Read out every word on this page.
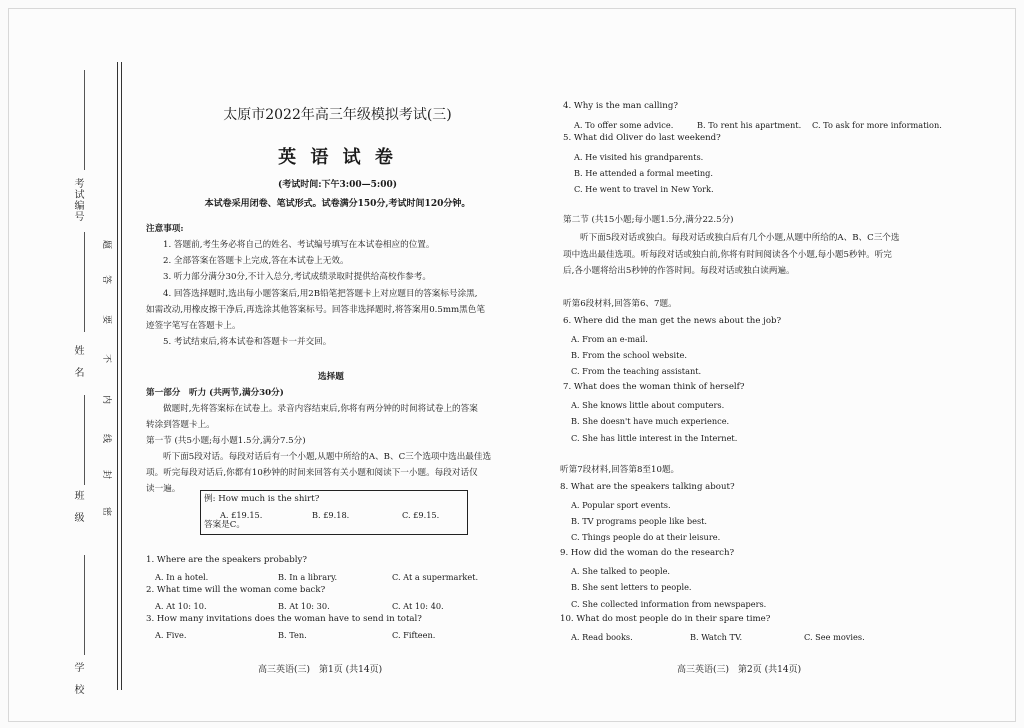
考试编号
姓　名
班　级
学　校
题
答
要
不
内
线
封
密
太原市2022年高三年级模拟考试(三)
英 语 试 卷
(考试时间:下午3:00—5:00)
本试卷采用闭卷、笔试形式。试卷满分150分,考试时间120分钟。
注意事项:
1. 答题前,考生务必将自己的姓名、考试编号填写在本试卷相应的位置。
2. 全部答案在答题卡上完成,答在本试卷上无效。
3. 听力部分满分30分,不计入总分,考试成绩录取时提供给高校作参考。
4. 回答选择题时,选出每小题答案后,用2B铅笔把答题卡上对应题目的答案标号涂黑,
如需改动,用橡皮擦干净后,再选涂其他答案标号。回答非选择题时,将答案用0.5mm黑色笔
迹签字笔写在答题卡上。
5. 考试结束后,将本试卷和答题卡一并交回。
选择题
第一部分　听力 (共两节,满分30分)
做题时,先将答案标在试卷上。录音内容结束后,你将有两分钟的时间将试卷上的答案
转涂到答题卡上。
第一节 (共5小题;每小题1.5分,满分7.5分)
听下面5段对话。每段对话后有一个小题,从题中所给的A、B、C三个选项中选出最佳选
项。听完每段对话后,你都有10秒钟的时间来回答有关小题和阅读下一小题。每段对话仅
读一遍。
例: How much is the shirt?
A. £19.15.	B. £9.18.	C. £9.15.
答案是C。
1. Where are the speakers probably?
A. In a hotel.	B. In a library.	C. At a supermarket.
2. What time will the woman come back?
A. At 10: 10.	B. At 10: 30.	C. At 10: 40.
3. How many invitations does the woman have to send in total?
A. Five.	B. Ten.	C. Fifteen.
高三英语(三)　第1页 (共14页)
4. Why is the man calling?
A. To offer some advice.	B. To rent his apartment. C. To ask for more information.
5. What did Oliver do last weekend?
A. He visited his grandparents.
B. He attended a formal meeting.
C. He went to travel in New York.
第二节 (共15小题;每小题1.5分,满分22.5分)
听下面5段对话或独白。每段对话或独白后有几个小题,从题中所给的A、B、C三个选
项中选出最佳选项。听每段对话或独白前,你将有时间阅读各个小题,每小题5秒钟。听完
后,各小题将给出5秒钟的作答时间。每段对话或独白读两遍。
听第6段材料,回答第6、7题。
6. Where did the man get the news about the job?
A. From an e-mail.
B. From the school website.
C. From the teaching assistant.
7. What does the woman think of herself?
A. She knows little about computers.
B. She doesn't have much experience.
C. She has little interest in the Internet.
听第7段材料,回答第8至10题。
8. What are the speakers talking about?
A. Popular sport events.
B. TV programs people like best.
C. Things people do at their leisure.
9. How did the woman do the research?
A. She talked to people.
B. She sent letters to people.
C. She collected information from newspapers.
10. What do most people do in their spare time?
A. Read books.	B. Watch TV.	C. See movies.
高三英语(三)　第2页 (共14页)
